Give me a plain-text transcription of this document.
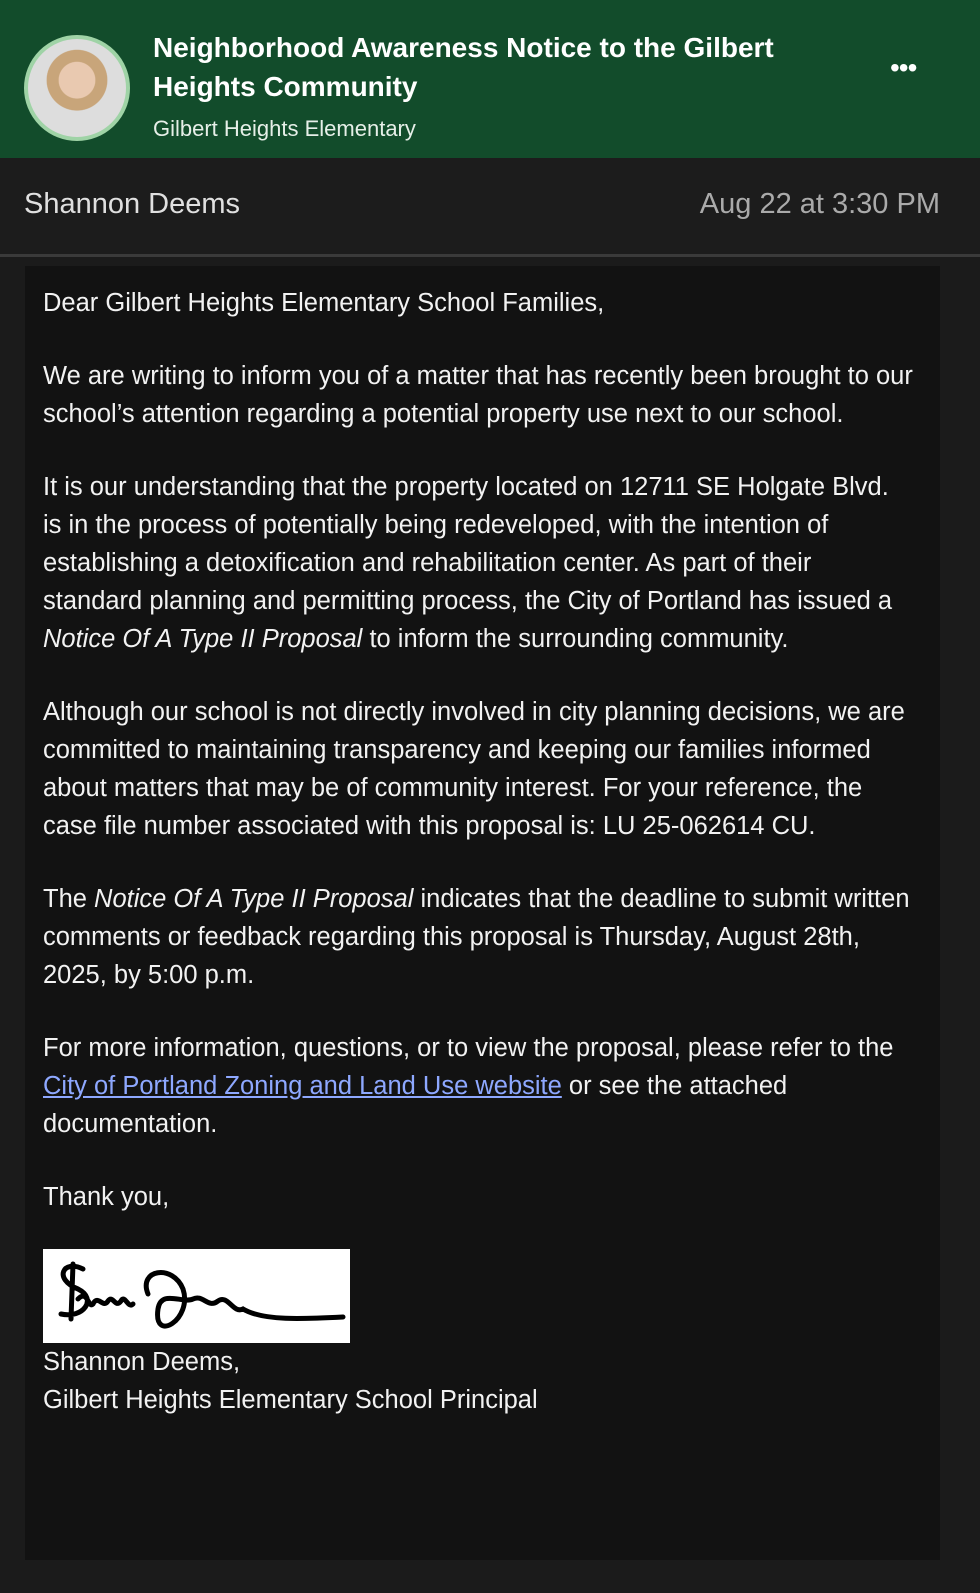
Neighborhood Awareness Notice to the Gilbert Heights Community
Gilbert Heights Elementary
•••
Shannon Deems	Aug 22 at 3:30 PM

Dear Gilbert Heights Elementary School Families,

We are writing to inform you of a matter that has recently been brought to our school’s attention regarding a potential property use next to our school.

It is our understanding that the property located on 12711 SE Holgate Blvd. is in the process of potentially being redeveloped, with the intention of establishing a detoxification and rehabilitation center. As part of their standard planning and permitting process, the City of Portland has issued a Notice Of A Type II Proposal to inform the surrounding community.

Although our school is not directly involved in city planning decisions, we are committed to maintaining transparency and keeping our families informed about matters that may be of community interest. For your reference, the case file number associated with this proposal is: LU 25-062614 CU.

The Notice Of A Type II Proposal indicates that the deadline to submit written comments or feedback regarding this proposal is Thursday, August 28th, 2025, by 5:00 p.m.

For more information, questions, or to view the proposal, please refer to the City of Portland Zoning and Land Use website or see the attached documentation.

Thank you,

Shannon Deems,

Gilbert Heights Elementary School Principal
